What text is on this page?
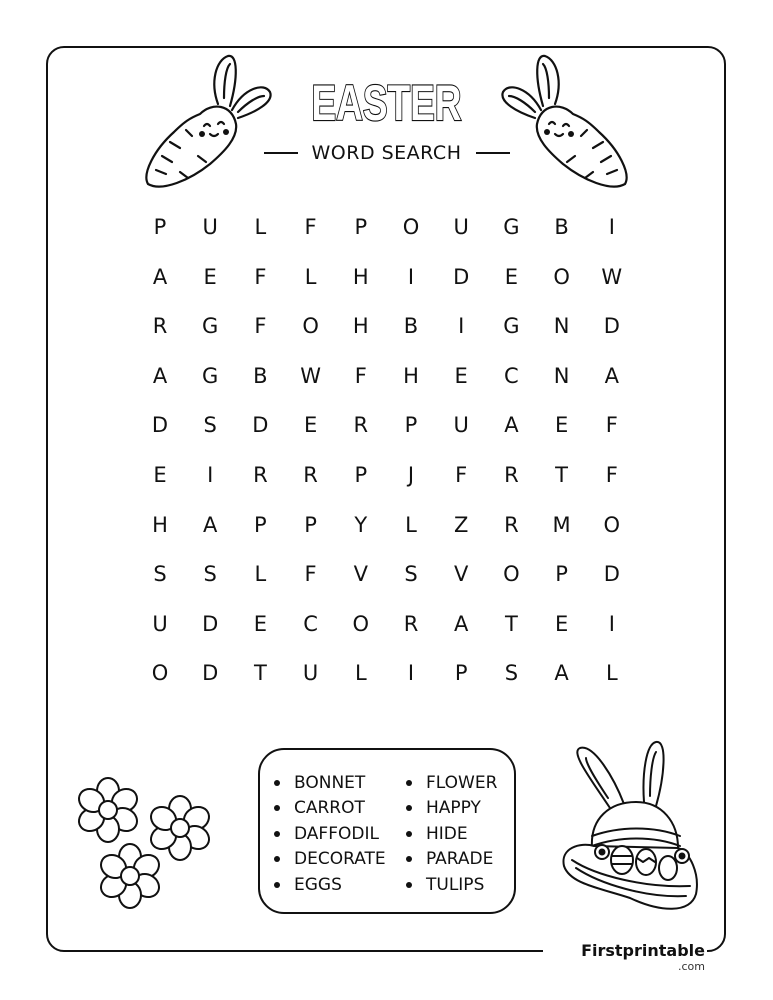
EASTER
WORD SEARCH
P	U	L	F	P	O	U	G	B	I
A	E	F	L	H	I	D	E	O	W
R	G	F	O	H	B	I	G	N	D
A	G	B	W	F	H	E	C	N	A
D	S	D	E	R	P	U	A	E	F
E	I	R	R	P	J	F	R	T	F
H	A	P	P	Y	L	Z	R	M	O
S	S	L	F	V	S	V	O	P	D
U	D	E	C	O	R	A	T	E	I
O	D	T	U	L	I	P	S	A	L
BONNET
CARROT
DAFFODIL
DECORATE
EGGS
FLOWER
HAPPY
HIDE
PARADE
TULIPS
Firstprintable
.com
